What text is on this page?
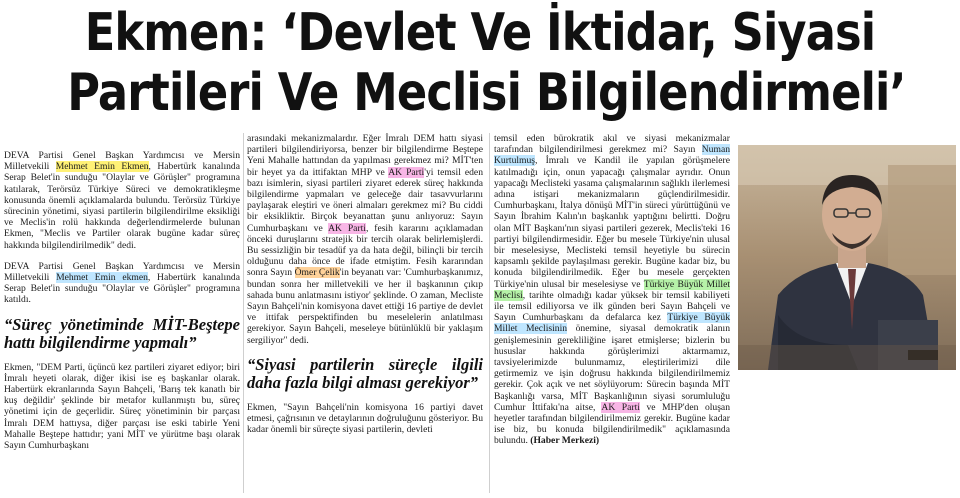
Ekmen: ‘Devlet Ve İktidar, Siyasi
Partileri Ve Meclisi Bilgilendirmeli’

DEVA Partisi Genel Başkan Yardımcısı ve Mersin Milletvekili Mehmet Emin Ekmen, Habertürk kanalında Serap Belet'in sunduğu "Olaylar ve Görüşler" programına katılarak, Terörsüz Türkiye Süreci ve demokratikleşme konusunda önemli açıklamalarda bulundu. Terörsüz Türkiye sürecinin yönetimi, siyasi partilerin bilgilendirilme eksikliği ve Meclis'in rolü hakkında değerlendirmelerde bulunan Ekmen, "Meclis ve Partiler olarak bugüne kadar süreç hakkında bilgilendirilmedik" dedi.

DEVA Partisi Genel Başkan Yardımcısı ve Mersin Milletvekili Mehmet Emin ekmen, Habertürk kanalında Serap Belet'in sunduğu "Olaylar ve Görüşler" programına katıldı.

“Süreç yönetiminde MİT-Beştepe hattı bilgilendirme yapmalı”

Ekmen, "DEM Parti, üçüncü kez partileri ziyaret ediyor; biri İmralı heyeti olarak, diğer ikisi ise eş başkanlar olarak. Habertürk ekranlarında Sayın Bahçeli, 'Barış tek kanatlı bir kuş değildir' şeklinde bir metafor kullanmıştı bu, süreç yönetimi için de geçerlidir. Süreç yönetiminin bir parçası İmralı DEM hattıysa, diğer parçası ise eski tabirle Yeni Mahalle Beştepe hattıdır; yani MİT ve yürütme başı olarak Sayın Cumhurbaşkanı

arasındaki mekanizmalardır. Eğer İmralı DEM hattı siyasi partileri bilgilendiriyorsa, benzer bir bilgilendirme Beştepe Yeni Mahalle hattından da yapılması gerekmez mi? MİT'ten bir heyet ya da ittifaktan MHP ve AK Parti'yi temsil eden bazı isimlerin, siyasi partileri ziyaret ederek süreç hakkında bilgilendirme yapmaları ve geleceğe dair tasavvurlarını paylaşarak eleştiri ve öneri almaları gerekmez mi? Bu ciddi bir eksikliktir. Birçok beyanattan şunu anlıyoruz: Sayın Cumhurbaşkanı ve AK Parti, fesih kararını açıklamadan önceki duruşlarını stratejik bir tercih olarak belirlemişlerdi. Bu sessizliğin bir tesadüf ya da hata değil, bilinçli bir tercih olduğunu daha önce de ifade etmiştim. Fesih kararından sonra Sayın Ömer Çelik'in beyanatı var: 'Cumhurbaşkanımız, bundan sonra her milletvekili ve her il başkanının çıkıp sahada bunu anlatmasını istiyor' şeklinde. O zaman, Mecliste Sayın Bahçeli'nin komisyona davet ettiği 16 partiye de devlet ve ittifak perspektifinden bu meselelerin anlatılması gerekiyor. Sayın Bahçeli, meseleye bütünlüklü bir yaklaşım sergiliyor" dedi.

“Siyasi partilerin süreçle ilgili daha fazla bilgi alması gerekiyor”

Ekmen, "Sayın Bahçeli'nin komisyona 16 partiyi davet etmesi, çağrısının ve detaylarının doğruluğunu gösteriyor. Bu kadar önemli bir süreçte siyasi partilerin, devleti

temsil eden bürokratik akıl ve siyasi mekanizmalar tarafından bilgilendirilmesi gerekmez mi? Sayın Numan Kurtulmuş, İmralı ve Kandil ile yapılan görüşmelere katılmadığı için, onun yapacağı çalışmalar ayrıdır. Onun yapacağı Meclisteki yasama çalışmalarının sağlıklı ilerlemesi adına istişari mekanizmaların güçlendirilmesidir. Cumhurbaşkanı, İtalya dönüşü MİT'in süreci yürüttüğünü ve Sayın İbrahim Kalın'ın başkanlık yaptığını belirtti. Doğru olan MİT Başkanı'nın siyasi partileri gezerek, Meclis'teki 16 partiyi bilgilendirmesidir. Eğer bu mesele Türkiye'nin ulusal bir meselesiyse, Meclisteki temsil heyetiyle bu sürecin kapsamlı şekilde paylaşılması gerekir. Bugüne kadar biz, bu konuda bilgilendirilmedik. Eğer bu mesele gerçekten Türkiye'nin ulusal bir meselesiyse ve Türkiye Büyük Millet Meclisi, tarihte olmadığı kadar yüksek bir temsil kabiliyeti ile temsil ediliyorsa ve ilk günden beri Sayın Bahçeli ve Sayın Cumhurbaşkanı da defalarca kez Türkiye Büyük Millet Meclisinin önemine, siyasal demokratik alanın genişlemesinin gerekliliğine işaret etmişlerse; bizlerin bu hususlar hakkında görüşlerimizi aktarmamız, tavsiyelerimizde bulunmamız, eleştirilerimizi dile getirmemiz ve işin doğrusu hakkında bilgilendirilmemiz gerekir. Çok açık ve net söylüyorum: Sürecin başında MİT Başkanlığı varsa, MİT Başkanlığının siyasi sorumluluğu Cumhur İttifakı'na aitse, AK Parti ve MHP'den oluşan heyetler tarafından bilgilendirilmemiz gerekir. Bugüne kadar ise biz, bu konuda bilgilendirilmedik" açıklamasında bulundu. (Haber Merkezi)
